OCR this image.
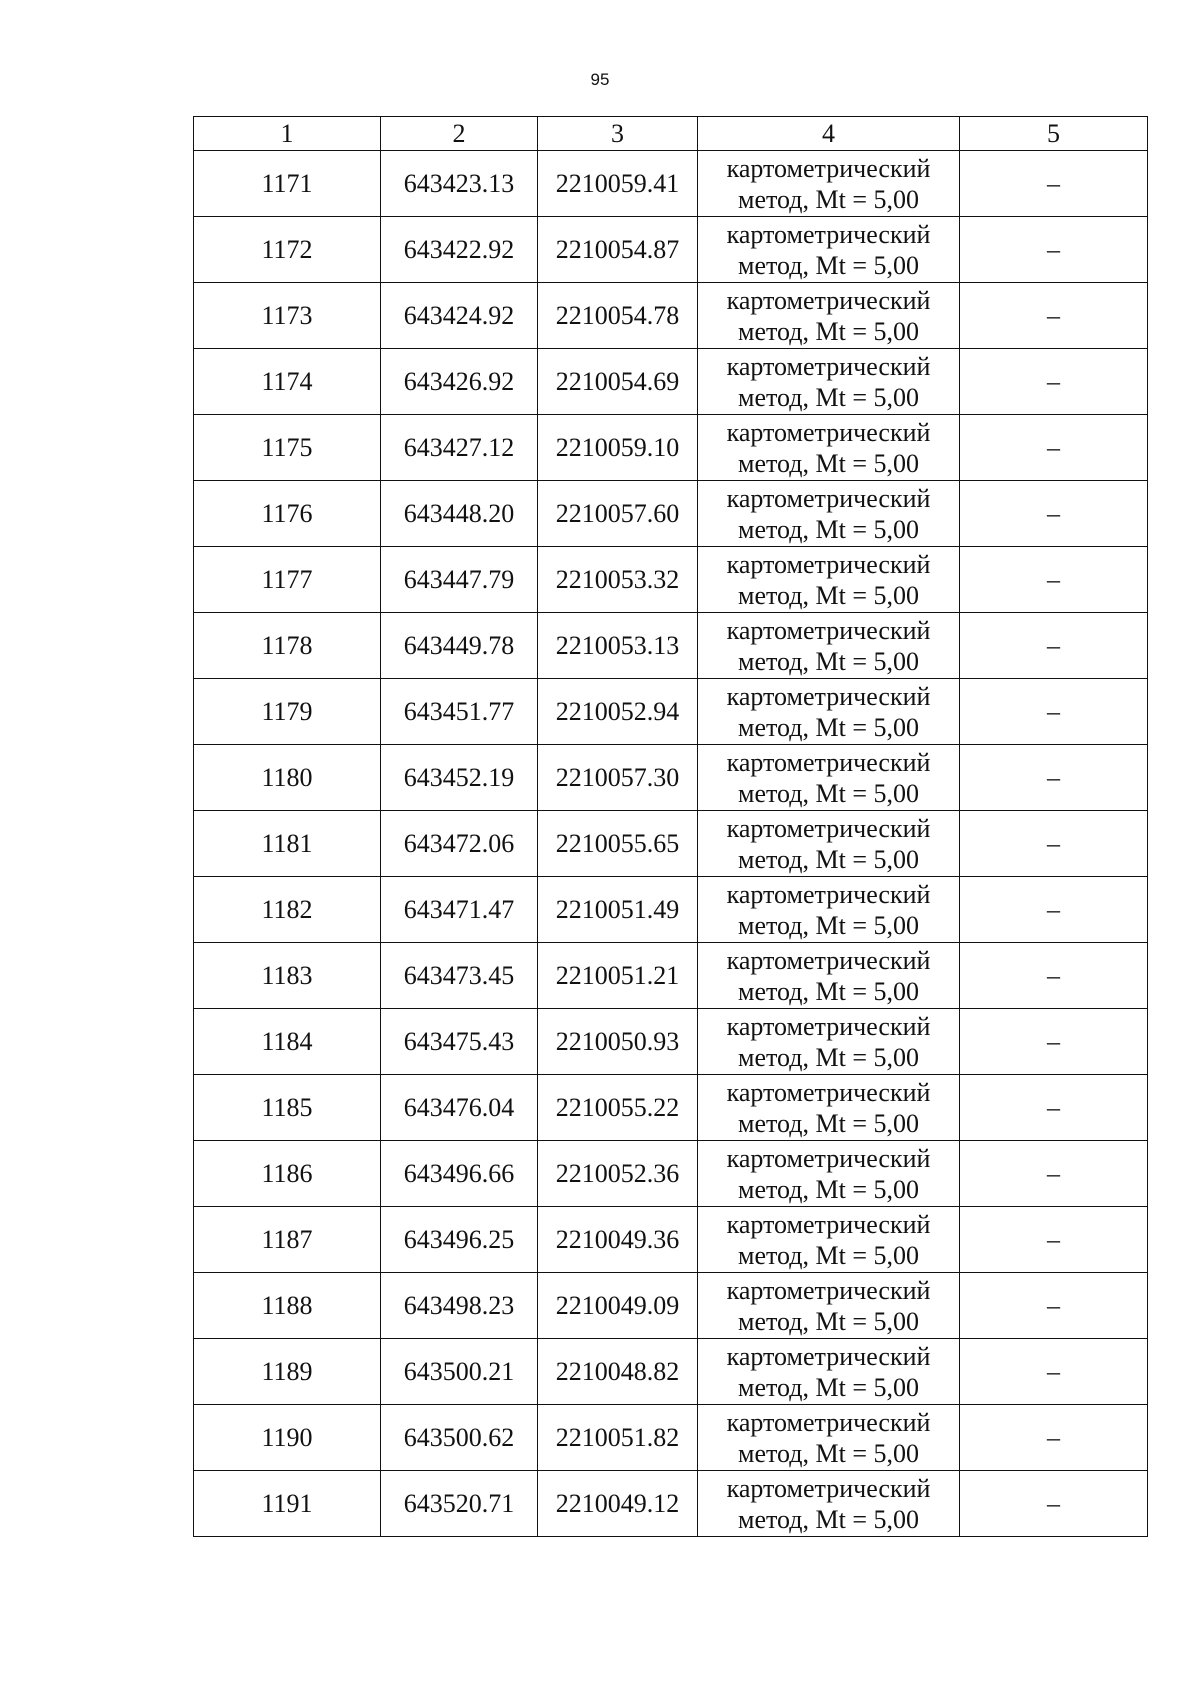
95
1	2	3	4	5
1171	643423.13	2210059.41	картометрический
метод, Mt = 5,00	–
1172	643422.92	2210054.87	картометрический
метод, Mt = 5,00	–
1173	643424.92	2210054.78	картометрический
метод, Mt = 5,00	–
1174	643426.92	2210054.69	картометрический
метод, Mt = 5,00	–
1175	643427.12	2210059.10	картометрический
метод, Mt = 5,00	–
1176	643448.20	2210057.60	картометрический
метод, Mt = 5,00	–
1177	643447.79	2210053.32	картометрический
метод, Mt = 5,00	–
1178	643449.78	2210053.13	картометрический
метод, Mt = 5,00	–
1179	643451.77	2210052.94	картометрический
метод, Mt = 5,00	–
1180	643452.19	2210057.30	картометрический
метод, Mt = 5,00	–
1181	643472.06	2210055.65	картометрический
метод, Mt = 5,00	–
1182	643471.47	2210051.49	картометрический
метод, Mt = 5,00	–
1183	643473.45	2210051.21	картометрический
метод, Mt = 5,00	–
1184	643475.43	2210050.93	картометрический
метод, Mt = 5,00	–
1185	643476.04	2210055.22	картометрический
метод, Mt = 5,00	–
1186	643496.66	2210052.36	картометрический
метод, Mt = 5,00	–
1187	643496.25	2210049.36	картометрический
метод, Mt = 5,00	–
1188	643498.23	2210049.09	картометрический
метод, Mt = 5,00	–
1189	643500.21	2210048.82	картометрический
метод, Mt = 5,00	–
1190	643500.62	2210051.82	картометрический
метод, Mt = 5,00	–
1191	643520.71	2210049.12	картометрический
метод, Mt = 5,00	–
